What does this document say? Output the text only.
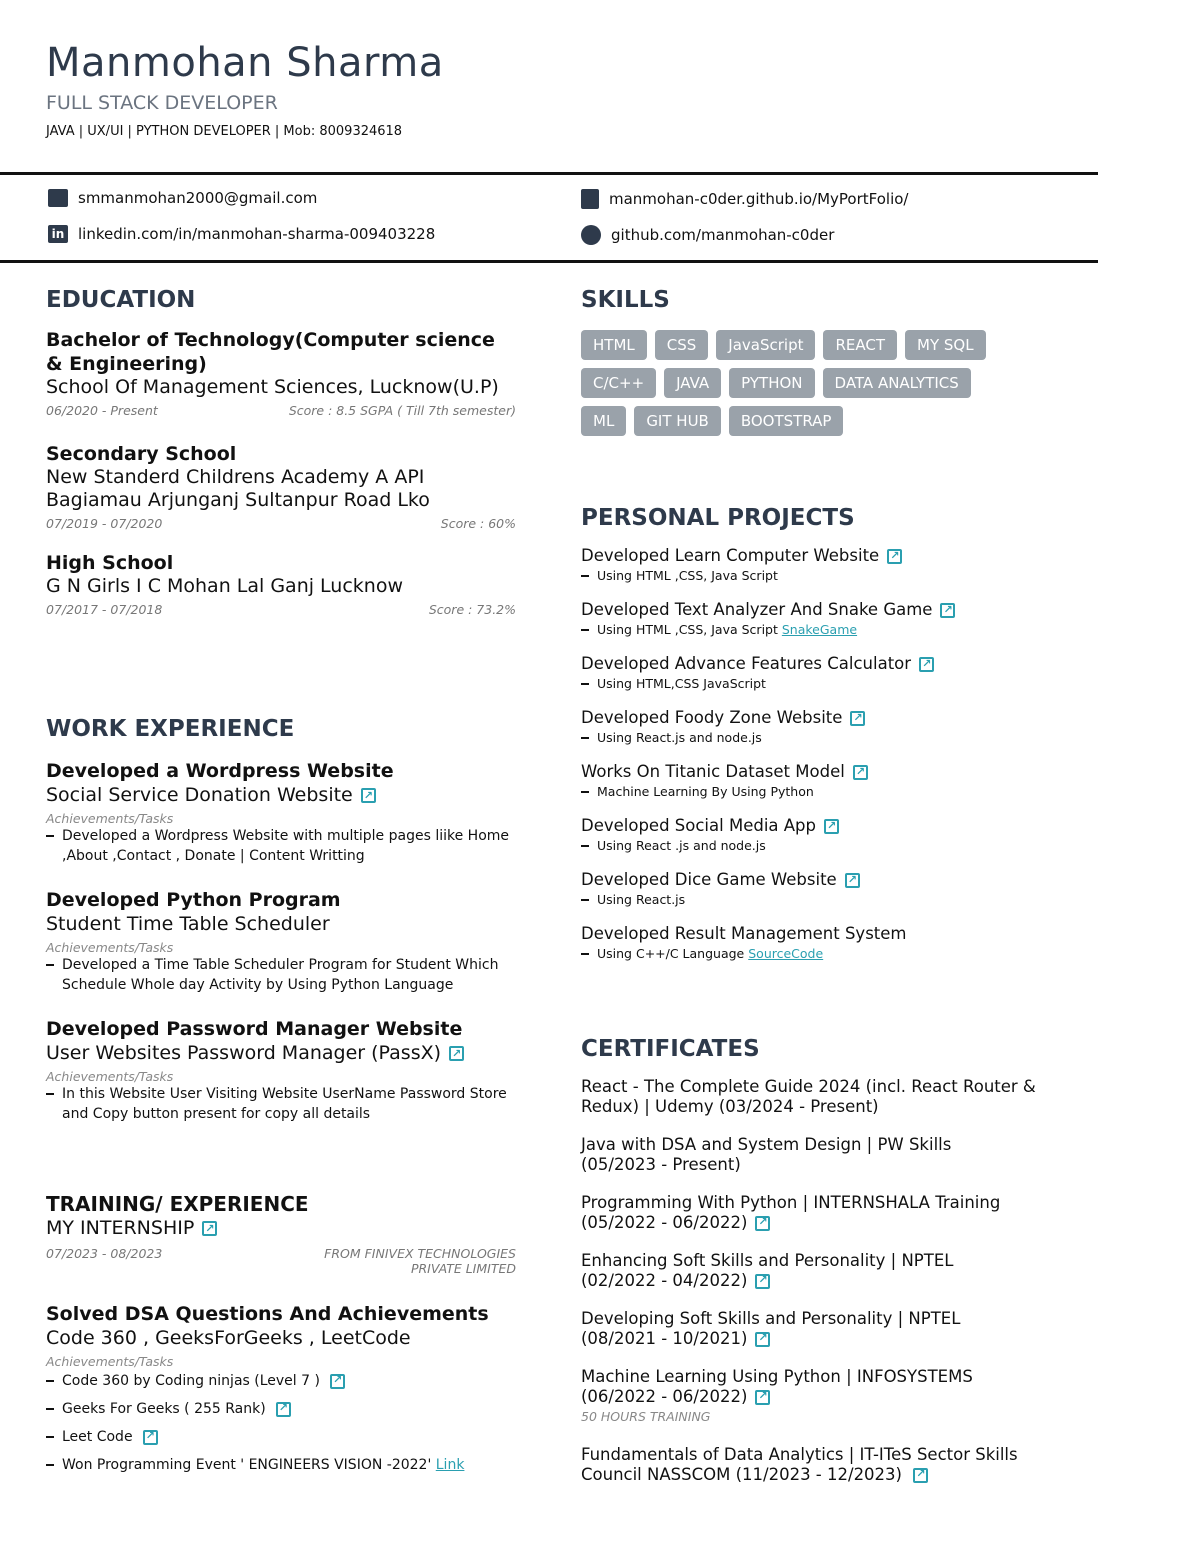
Manmohan Sharma
FULL STACK DEVELOPER
JAVA | UX/UI | PYTHON DEVELOPER | Mob: 8009324618
smmanmohan2000@gmail.com	manmohan-c0der.github.io/MyPortFolio/
in linkedin.com/in/manmohan-sharma-009403228	github.com/manmohan-c0der
EDUCATION
Bachelor of Technology(Computer science & Engineering)
School Of Management Sciences, Lucknow(U.P)
06/2020 - Present	Score : 8.5 SGPA ( Till 7th semester)
Secondary School
New Standerd Childrens Academy A API Bagiamau Arjunganj Sultanpur Road Lko
07/2019 - 07/2020	Score : 60%
High School
G N Girls I C Mohan Lal Ganj Lucknow
07/2017 - 07/2018	Score : 73.2%
WORK EXPERIENCE
Developed a Wordpress Website
Social Service Donation Website
↗
Achievements/Tasks
Developed a Wordpress Website with multiple pages liike Home ,About ,Contact , Donate | Content Writting
Developed Python Program
Student Time Table Scheduler
Achievements/Tasks
Developed a Time Table Scheduler Program for Student Which Schedule Whole day Activity by Using Python Language
Developed Password Manager Website
User Websites Password Manager (PassX)
↗
Achievements/Tasks
In this Website User Visiting Website UserName Password Store and Copy button present for copy all details
TRAINING/ EXPERIENCE
MY INTERNSHIP
↗
07/2023 - 08/2023	FROM FINIVEX TECHNOLOGIES PRIVATE LIMITED
Solved DSA Questions And Achievements
Code 360 , GeeksForGeeks , LeetCode
Achievements/Tasks
Code 360 by Coding ninjas (Level 7 )
↗
Geeks For Geeks ( 255 Rank)
↗
Leet Code
↗
Won Programming Event ' ENGINEERS VISION -2022' Link
SKILLS
HTML	CSS	JavaScript	REACT	MY SQL
C/C++	JAVA	PYTHON	DATA ANALYTICS
ML	GIT HUB	BOOTSTRAP
PERSONAL PROJECTS
Developed Learn Computer Website
↗
Using HTML ,CSS, Java Script
Developed Text Analyzer And Snake Game
↗
Using HTML ,CSS, Java Script SnakeGame
Developed Advance Features Calculator
↗
Using HTML,CSS JavaScript
Developed Foody Zone Website
↗
Using React.js and node.js
Works On Titanic Dataset Model
↗
Machine Learning By Using Python
Developed Social Media App
↗
Using React .js and node.js
Developed Dice Game Website
↗
Using React.js
Developed Result Management System
Using C++/C Language SourceCode
CERTIFICATES
React - The Complete Guide 2024 (incl. React Router & Redux) | Udemy (03/2024 - Present)
Java with DSA and System Design | PW Skills
(05/2023 - Present)
Programming With Python | INTERNSHALA Training
(05/2022 - 06/2022)
↗
Enhancing Soft Skills and Personality | NPTEL
(02/2022 - 04/2022)
↗
Developing Soft Skills and Personality | NPTEL
(08/2021 - 10/2021)
↗
Machine Learning Using Python | INFOSYSTEMS
(06/2022 - 06/2022)
↗
50 HOURS TRAINING
Fundamentals of Data Analytics | IT-ITeS Sector Skills Council NASSCOM (11/2023 - 12/2023) ↗
